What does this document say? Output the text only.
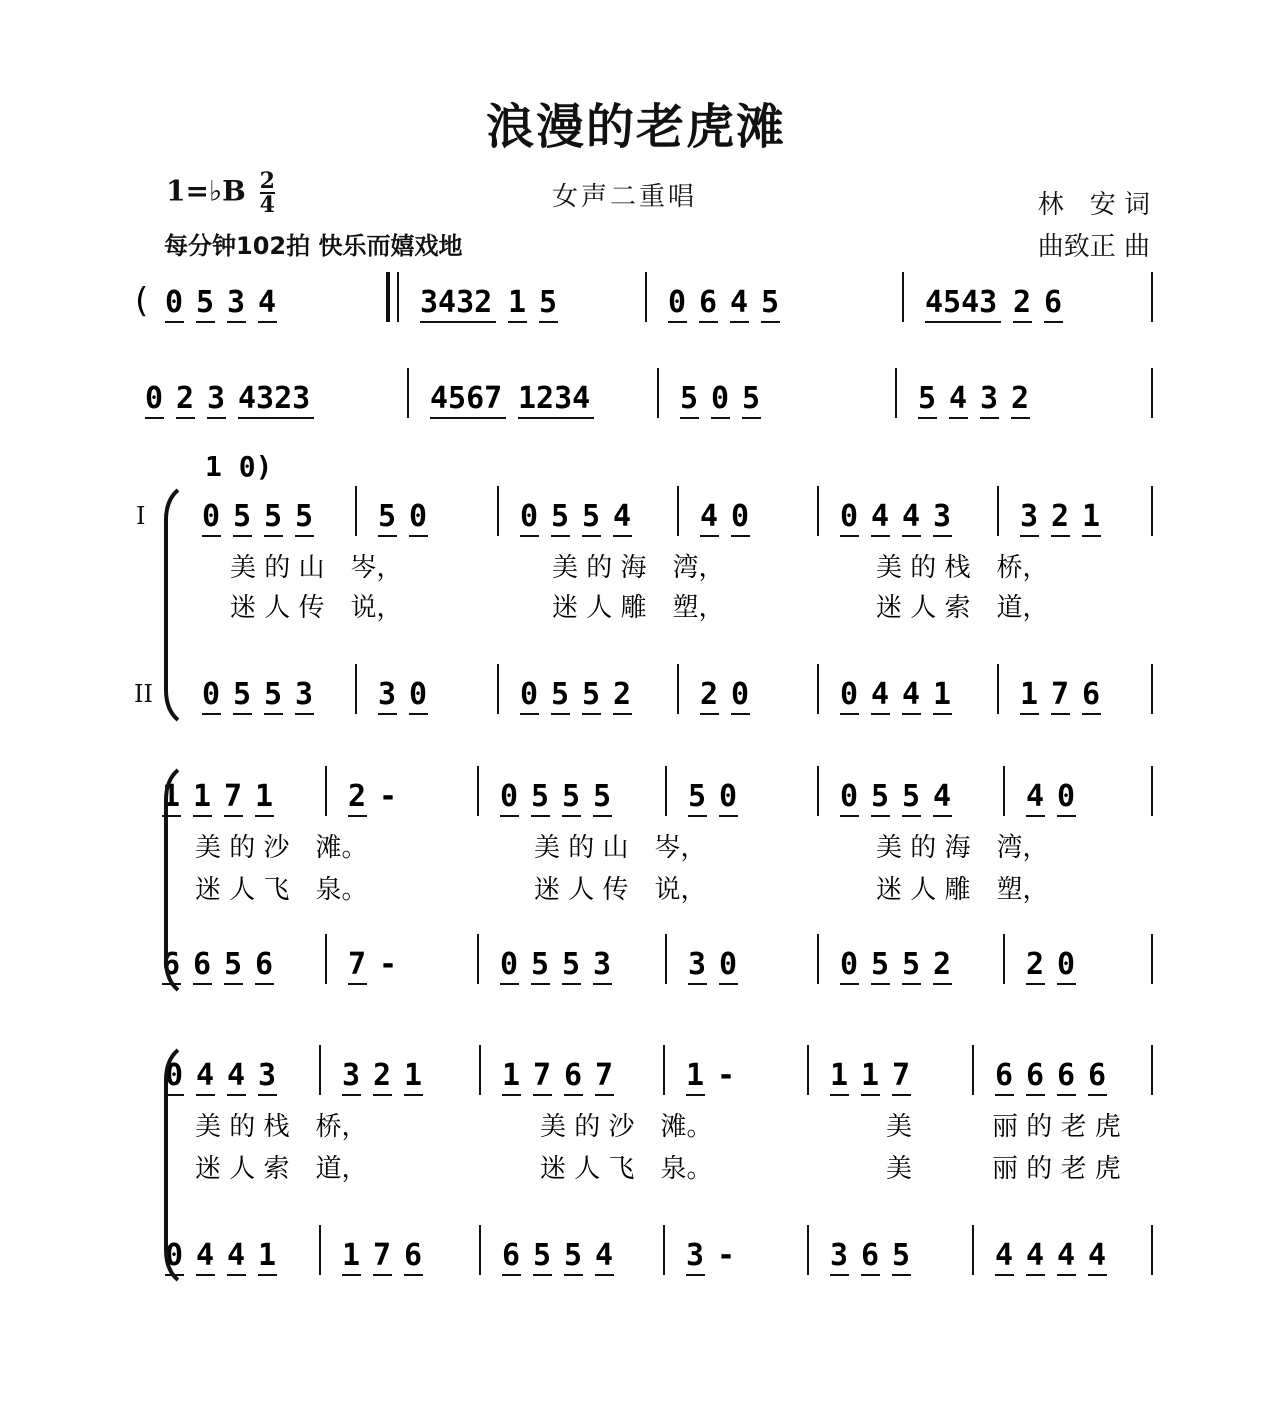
浪漫的老虎滩
1=♭B $\frac{2}{4}$	女声二重唱	林　安 词
曲致正 曲
每分钟102拍 快乐而嬉戏地
I
II
( 0 5 3 4	3432 1 5	0 6 4 5	4543 2 6
0 2 3 4323	4567 1234	5 0 5	5 4 3 2
1 0)
0 5 5 5 5 0	0 5 5 4 4 0	0 4 4 3 3 2 1
0 5 5 3 3 0	0 5 5 2 2 0	0 4 4 1 1 7 6
1 1 7 1 2 -	0 5 5 5	5 0	0 5 5 4 4 0
6 6 5 6 7 -	0 5 5 3	3 0	0 5 5 2 2 0
0 4 4 3 3 2 1	1 7 6 7 1 -	1 1 7	6 6 6 6
0 4 4 1 1 7 6	6 5 5 4 3 -	3 6 5	4 4 4 4
美 的 山　岑，	美 的 海　湾，	美 的 栈　桥，
迷 人 传　说，	迷 人 雕　塑，	迷 人 索　道，
美 的 沙　滩。	美 的 山　岑，	美 的 海　湾，
迷 人 飞　泉。	迷 人 传　说，	迷 人 雕　塑，
美 的 栈　桥，	美 的 沙　滩。	美	丽 的 老 虎
迷 人 索　道，	迷 人 飞　泉。	美	丽 的 老 虎
